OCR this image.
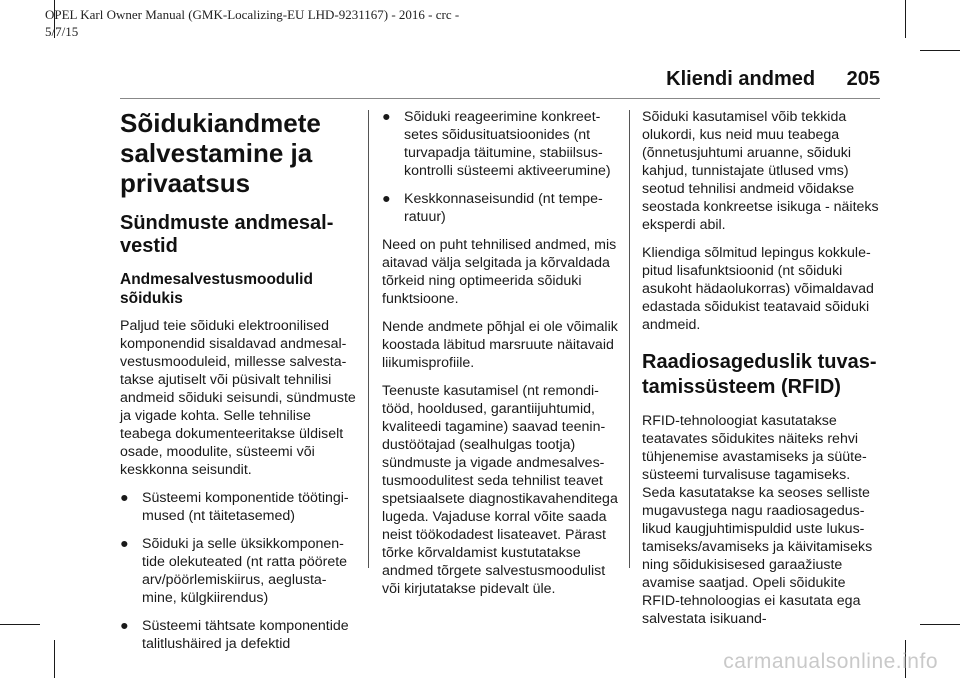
OPEL Karl Owner Manual (GMK-Localizing-EU LHD-9231167) - 2016 - crc -
5/7/15
Kliendi andmed 205
Sõidukiandmete salvestamine ja privaatsus
Sündmuste andmesalvestid
Andmesalvestusmoodulid sõidukis

Paljud teie sõiduki elektroonilised komponendid sisaldavad andmesalvestusmooduleid, millesse salvestatakse ajutiselt või püsivalt tehnilisi andmeid sõiduki seisundi, sündmuste ja vigade kohta. Selle tehnilise teabega dokumenteeritakse üldiselt osade, moodulite, süsteemi või keskkonna seisundit.

● Süsteemi komponentide töötingimused (nt täitetasemed)
● Sõiduki ja selle üksikkomponentide olekuteated (nt ratta pöörete arv/pöörlemiskiirus, aeglustamine, külgkiirendus)
● Süsteemi tähtsate komponentide talitlushäired ja defektid
● Sõiduki reageerimine konkreetsetes sõidusituatsioonides (nt turvapadja täitumine, stabiilsuskontrolli süsteemi aktiveerumine)
● Keskkonnaseisundid (nt temperatuur)

Need on puht tehnilised andmed, mis aitavad välja selgitada ja kõrvaldada tõrkeid ning optimeerida sõiduki funktsioone.

Nende andmete põhjal ei ole võimalik koostada läbitud marsruute näitavaid liikumisprofiile.

Teenuste kasutamisel (nt remonditööd, hooldused, garantiijuhtumid, kvaliteedi tagamine) saavad teenindustöötajad (sealhulgas tootja) sündmuste ja vigade andmesalvestusmoodulitest seda tehnilist teavet spetsiaalsete diagnostikavahenditega lugeda. Vajaduse korral võite saada neist töökodadest lisateavet. Pärast tõrke kõrvaldamist kustutatakse andmed tõrgete salvestusmoodulist või kirjutatakse pidevalt üle.

Sõiduki kasutamisel võib tekkida olukordi, kus neid muu teabega (õnnetusjuhtumi aruanne, sõiduki kahjud, tunnistajate ütlused vms) seotud tehnilisi andmeid võidakse seostada konkreetse isikuga - näiteks eksperdi abil.

Kliendiga sõlmitud lepingus kokkulepitud lisafunktsioonid (nt sõiduki asukoht hädaolukorras) võimaldavad edastada sõidukist teatavaid sõiduki andmeid.

Raadiosageduslik tuvastamissüsteem (RFID)

RFID-tehnoloogiat kasutatakse teatavates sõidukites näiteks rehvi tühjenemise avastamiseks ja süütesüsteemi turvalisuse tagamiseks. Seda kasutatakse ka seoses selliste mugavustega nagu raadiosageduslikud kaugjuhtimispuldid uste lukustamiseks/avamiseks ja käivitamiseks ning sõidukisisesed garaažiuste avamise saatjad. Opeli sõidukite RFID-tehnoloogias ei kasutata ega salvestata isikuand-

carmanualsonline.info
